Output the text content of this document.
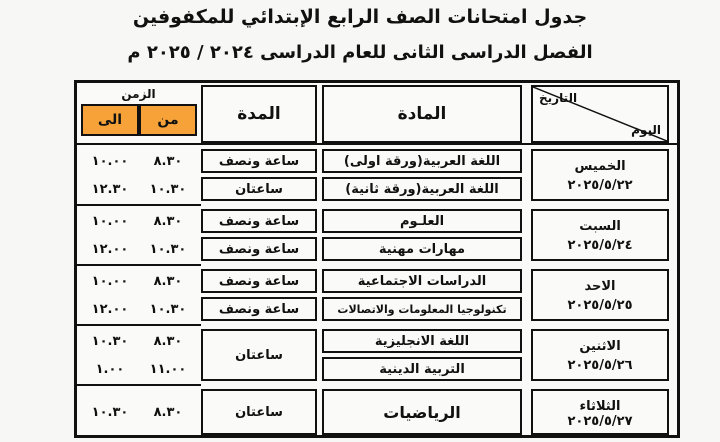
جدول امتحانات الصف الرابع الإبتدائي للمكفوفين
الفصل الدراسى الثانى للعام الدراسى ٢٠٢٤ / ٢٠٢٥ م
التاريخ
اليوم
المادة
المدة
الزمن
من
الى
الخميس
٢٠٢٥/٥/٢٢
اللغة العربية(ورقة اولى)
اللغة العربية(ورقة ثانية)
ساعة ونصف
ساعتان
٨.٣٠
١٠.٠٠
١٠.٣٠
١٢.٣٠
السبت
٢٠٢٥/٥/٢٤
العلـوم
مهارات مهنية
ساعة ونصف
ساعة ونصف
٨.٣٠
١٠.٠٠
١٠.٣٠
١٢.٠٠
الاحد
٢٠٢٥/٥/٢٥
الدراسات الاجتماعية
تكنولوجيا المعلومات والاتصالات
ساعة ونصف
ساعة ونصف
٨.٣٠
١٠.٠٠
١٠.٣٠
١٢.٠٠
الاثنين
٢٠٢٥/٥/٢٦
اللغة الانجليزية
التربية الدينية
ساعتان
٨.٣٠
١٠.٣٠
١١.٠٠
١.٠٠
الثلاثاء
٢٠٢٥/٥/٢٧
الرياضيات
ساعتان
٨.٣٠
١٠.٣٠
